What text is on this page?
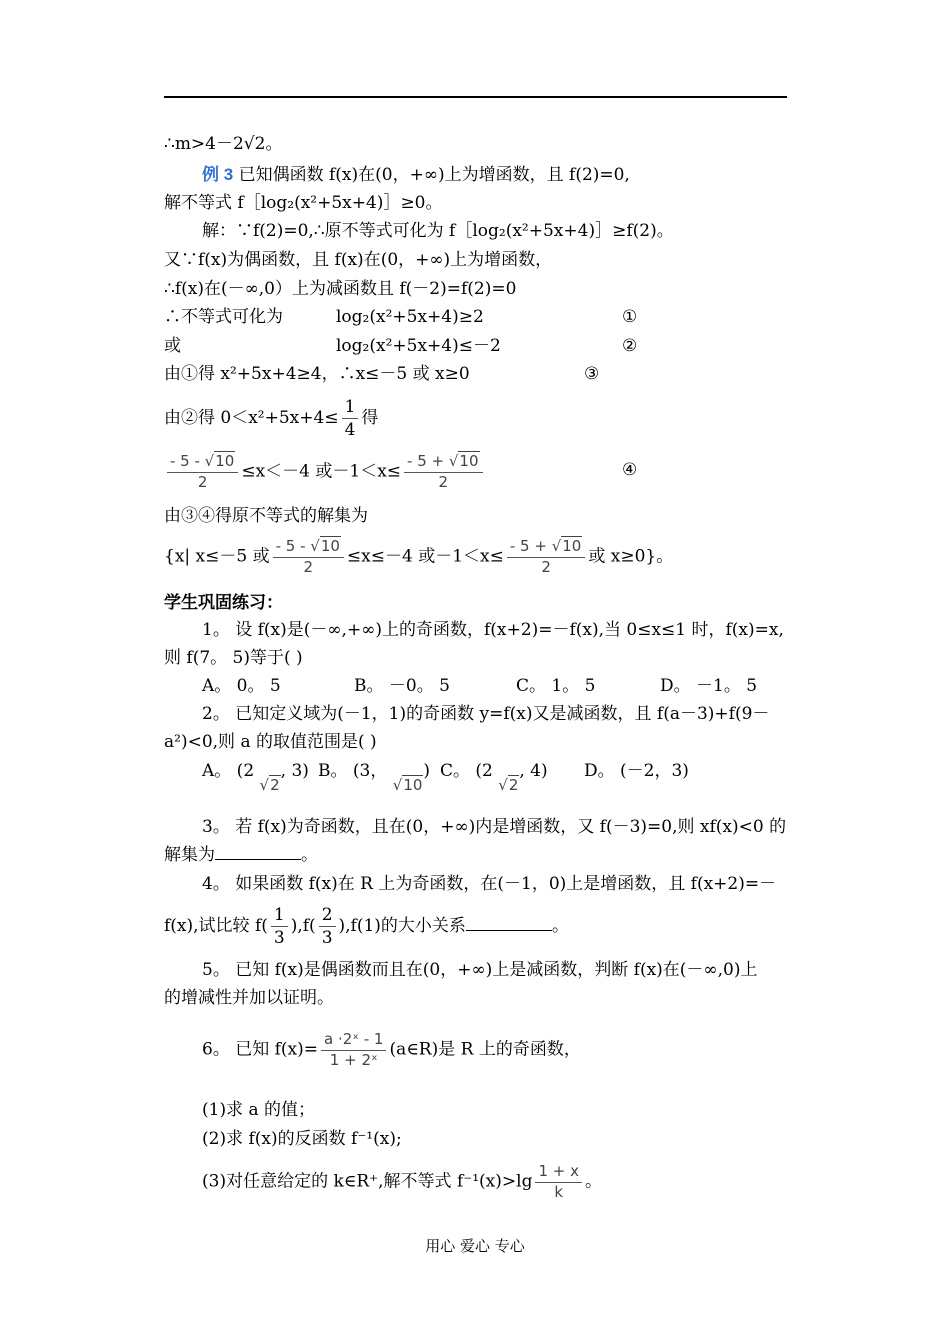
∴m>4－2√2。
例 3 已知偶函数 f(x)在(0，+∞)上为增函数，且 f(2)=0,
解不等式 f［log₂(x²+5x+4)］≥0。
解：∵f(2)=0,∴原不等式可化为 f［log₂(x²+5x+4)］≥f(2)。
又∵f(x)为偶函数，且 f(x)在(0，+∞)上为增函数，
∴f(x)在(－∞,0）上为减函数且 f(－2)=f(2)=0
∴不等式可化为	log₂(x²+5x+4)≥2	①
或	log₂(x²+5x+4)≤－2	②
由①得 x²+5x+4≥4，∴x≤－5 或 x≥0	③
由②得 $0<x^2+5x+4\le \frac{1}{4}$ 得
$\frac{- 5 - √10}{2} \le x<-4$ 或$-1<x\le \frac{- 5 + √10}{2}$	④
由③④得原不等式的解集为
{x| x≤－5 或 $\frac{- 5 - √10}{2} \le x\le-4$ 或$-1<x\le \frac{- 5 + √10}{2}$ 或 x≥0}。
学生巩固练习：
1。 设 f(x)是(－∞,+∞)上的奇函数，f(x+2)=－f(x),当 0≤x≤1 时，f(x)=x,
则 f(7。 5)等于( )
A。 0。 5	B。 －0。 5	C。 1。 5	D。 －1。 5
2。 已知定义域为(－1，1)的奇函数 y=f(x)又是减函数，且 f(a－3)+f(9－
a²)<0,则 a 的取值范围是( )
A。 (2 √2, 3) B。 (3， √10) C。 (2 √2, 4) D。 (－2，3)
3。 若 f(x)为奇函数，且在(0，+∞)内是增函数，又 f(－3)=0,则 xf(x)<0 的
解集为	。
4。 如果函数 f(x)在 R 上为奇函数，在(－1，0)上是增函数，且 f(x+2)=－
f(x),试比较 $f( \frac{1}{3} ),f( \frac{2}{3} ),f(1)$的大小关系	。
5。 已知 f(x)是偶函数而且在(0，+∞)上是减函数，判断 f(x)在(－∞,0)上
的增减性并加以证明。
6。 已知 $f(x)= \frac{\text{a ·2ˣ - 1}}{\text{1 + 2ˣ}}$ (a∈R)是 R 上的奇函数，
(1)求 a 的值；
(2)求 f(x)的反函数 f⁻¹(x);
(3)对任意给定的 k∈R⁺,解不等式 $f^{-1}(x)>\lg \frac{1 + x}{k}$ 。
用心 爱心 专心
